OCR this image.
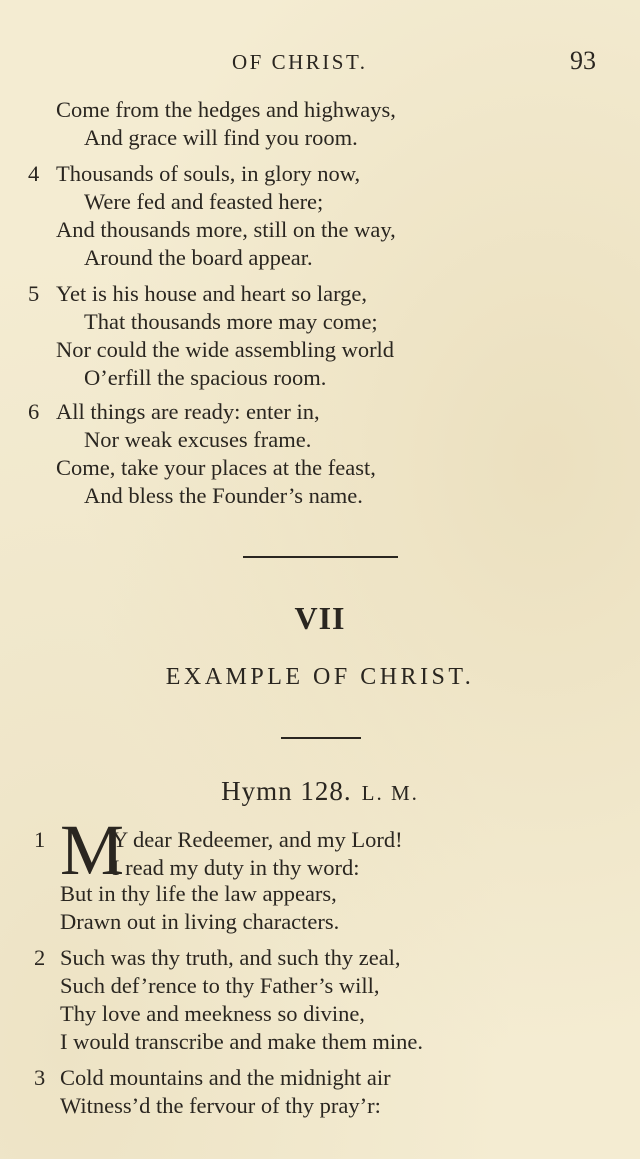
OF CHRIST.	93
Come from the hedges and highways,
And grace will find you room.
4 Thousands of souls, in glory now,
Were fed and feasted here;
And thousands more, still on the way,
Around the board appear.
5 Yet is his house and heart so large,
That thousands more may come;
Nor could the wide assembling world
O’erfill the spacious room.
6 All things are ready: enter in,
Nor weak excuses frame.
Come, take your places at the feast,
And bless the Founder’s name.
VII
EXAMPLE OF CHRIST.
Hymn 128. L. M.
1 M
Y dear Redeemer, and my Lord!
I read my duty in thy word:
But in thy life the law appears,
Drawn out in living characters.
2 Such was thy truth, and such thy zeal,
Such def’rence to thy Father’s will,
Thy love and meekness so divine,
I would transcribe and make them mine.
3 Cold mountains and the midnight air
Witness’d the fervour of thy pray’r:
